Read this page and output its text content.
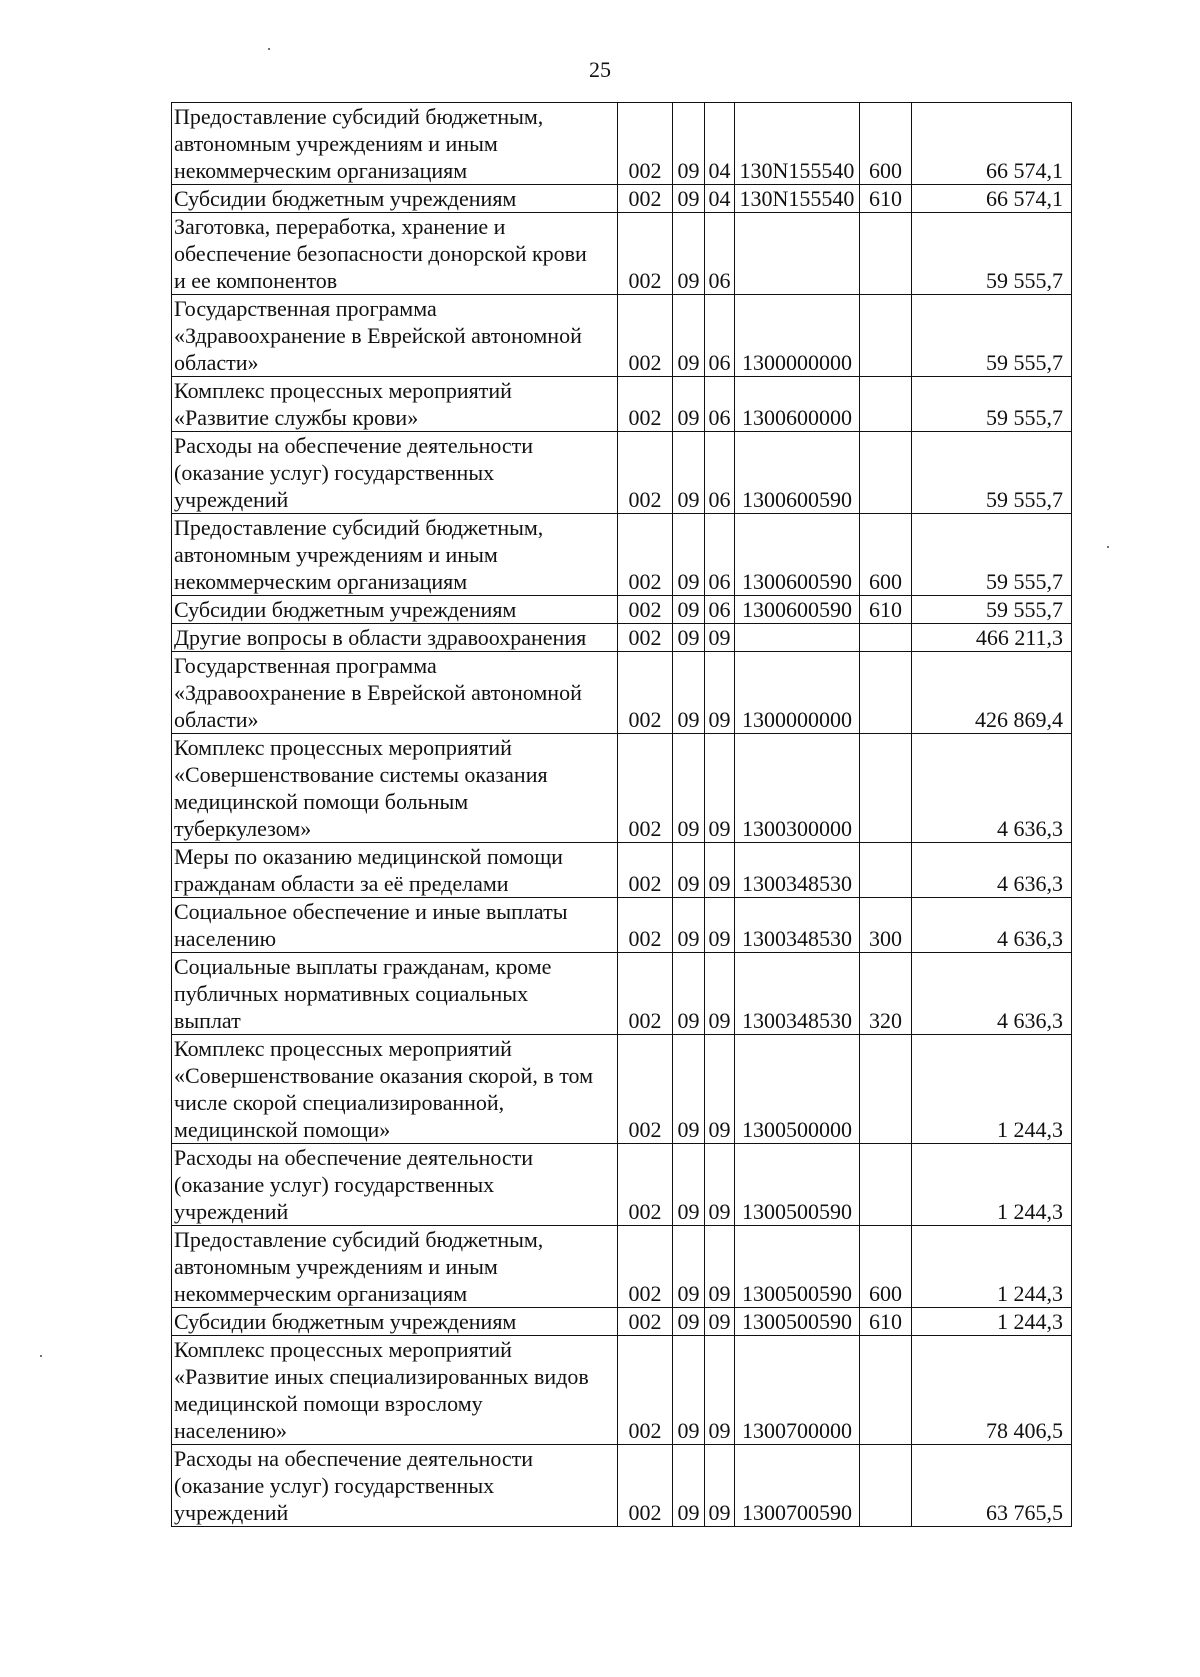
25
Предоставление субсидий бюджетным,
автономным учреждениям и иным
некоммерческим организациям	002	09	04	130N155540	600	66 574,1

Субсидии бюджетным учреждениям	002	09	04	130N155540	610	66 574,1

Заготовка, переработка, хранение и
обеспечение безопасности донорской крови
и ее компонентов	002	09	06			59 555,7

Государственная программа
«Здравоохранение в Еврейской автономной
области»	002	09	06	1300000000		59 555,7

Комплекс процессных мероприятий
«Развитие службы крови»	002	09	06	1300600000		59 555,7

Расходы на обеспечение деятельности
(оказание услуг) государственных
учреждений	002	09	06	1300600590		59 555,7

Предоставление субсидий бюджетным,
автономным учреждениям и иным
некоммерческим организациям	002	09	06	1300600590	600	59 555,7

Субсидии бюджетным учреждениям	002	09	06	1300600590	610	59 555,7

Другие вопросы в области здравоохранения	002	09	09			466 211,3

Государственная программа
«Здравоохранение в Еврейской автономной
области»	002	09	09	1300000000		426 869,4

Комплекс процессных мероприятий
«Совершенствование системы оказания
медицинской помощи больным
туберкулезом»	002	09	09	1300300000		4 636,3

Меры по оказанию медицинской помощи
гражданам области за её пределами	002	09	09	1300348530		4 636,3

Социальное обеспечение и иные выплаты
населению	002	09	09	1300348530	300	4 636,3

Социальные выплаты гражданам, кроме
публичных нормативных социальных
выплат	002	09	09	1300348530	320	4 636,3

Комплекс процессных мероприятий
«Совершенствование оказания скорой, в том
числе скорой специализированной,
медицинской помощи»	002	09	09	1300500000		1 244,3

Расходы на обеспечение деятельности
(оказание услуг) государственных
учреждений	002	09	09	1300500590		1 244,3

Предоставление субсидий бюджетным,
автономным учреждениям и иным
некоммерческим организациям	002	09	09	1300500590	600	1 244,3

Субсидии бюджетным учреждениям	002	09	09	1300500590	610	1 244,3

Комплекс процессных мероприятий
«Развитие иных специализированных видов
медицинской помощи взрослому
населению»	002	09	09	1300700000		78 406,5

Расходы на обеспечение деятельности
(оказание услуг) государственных
учреждений	002	09	09	1300700590		63 765,5
